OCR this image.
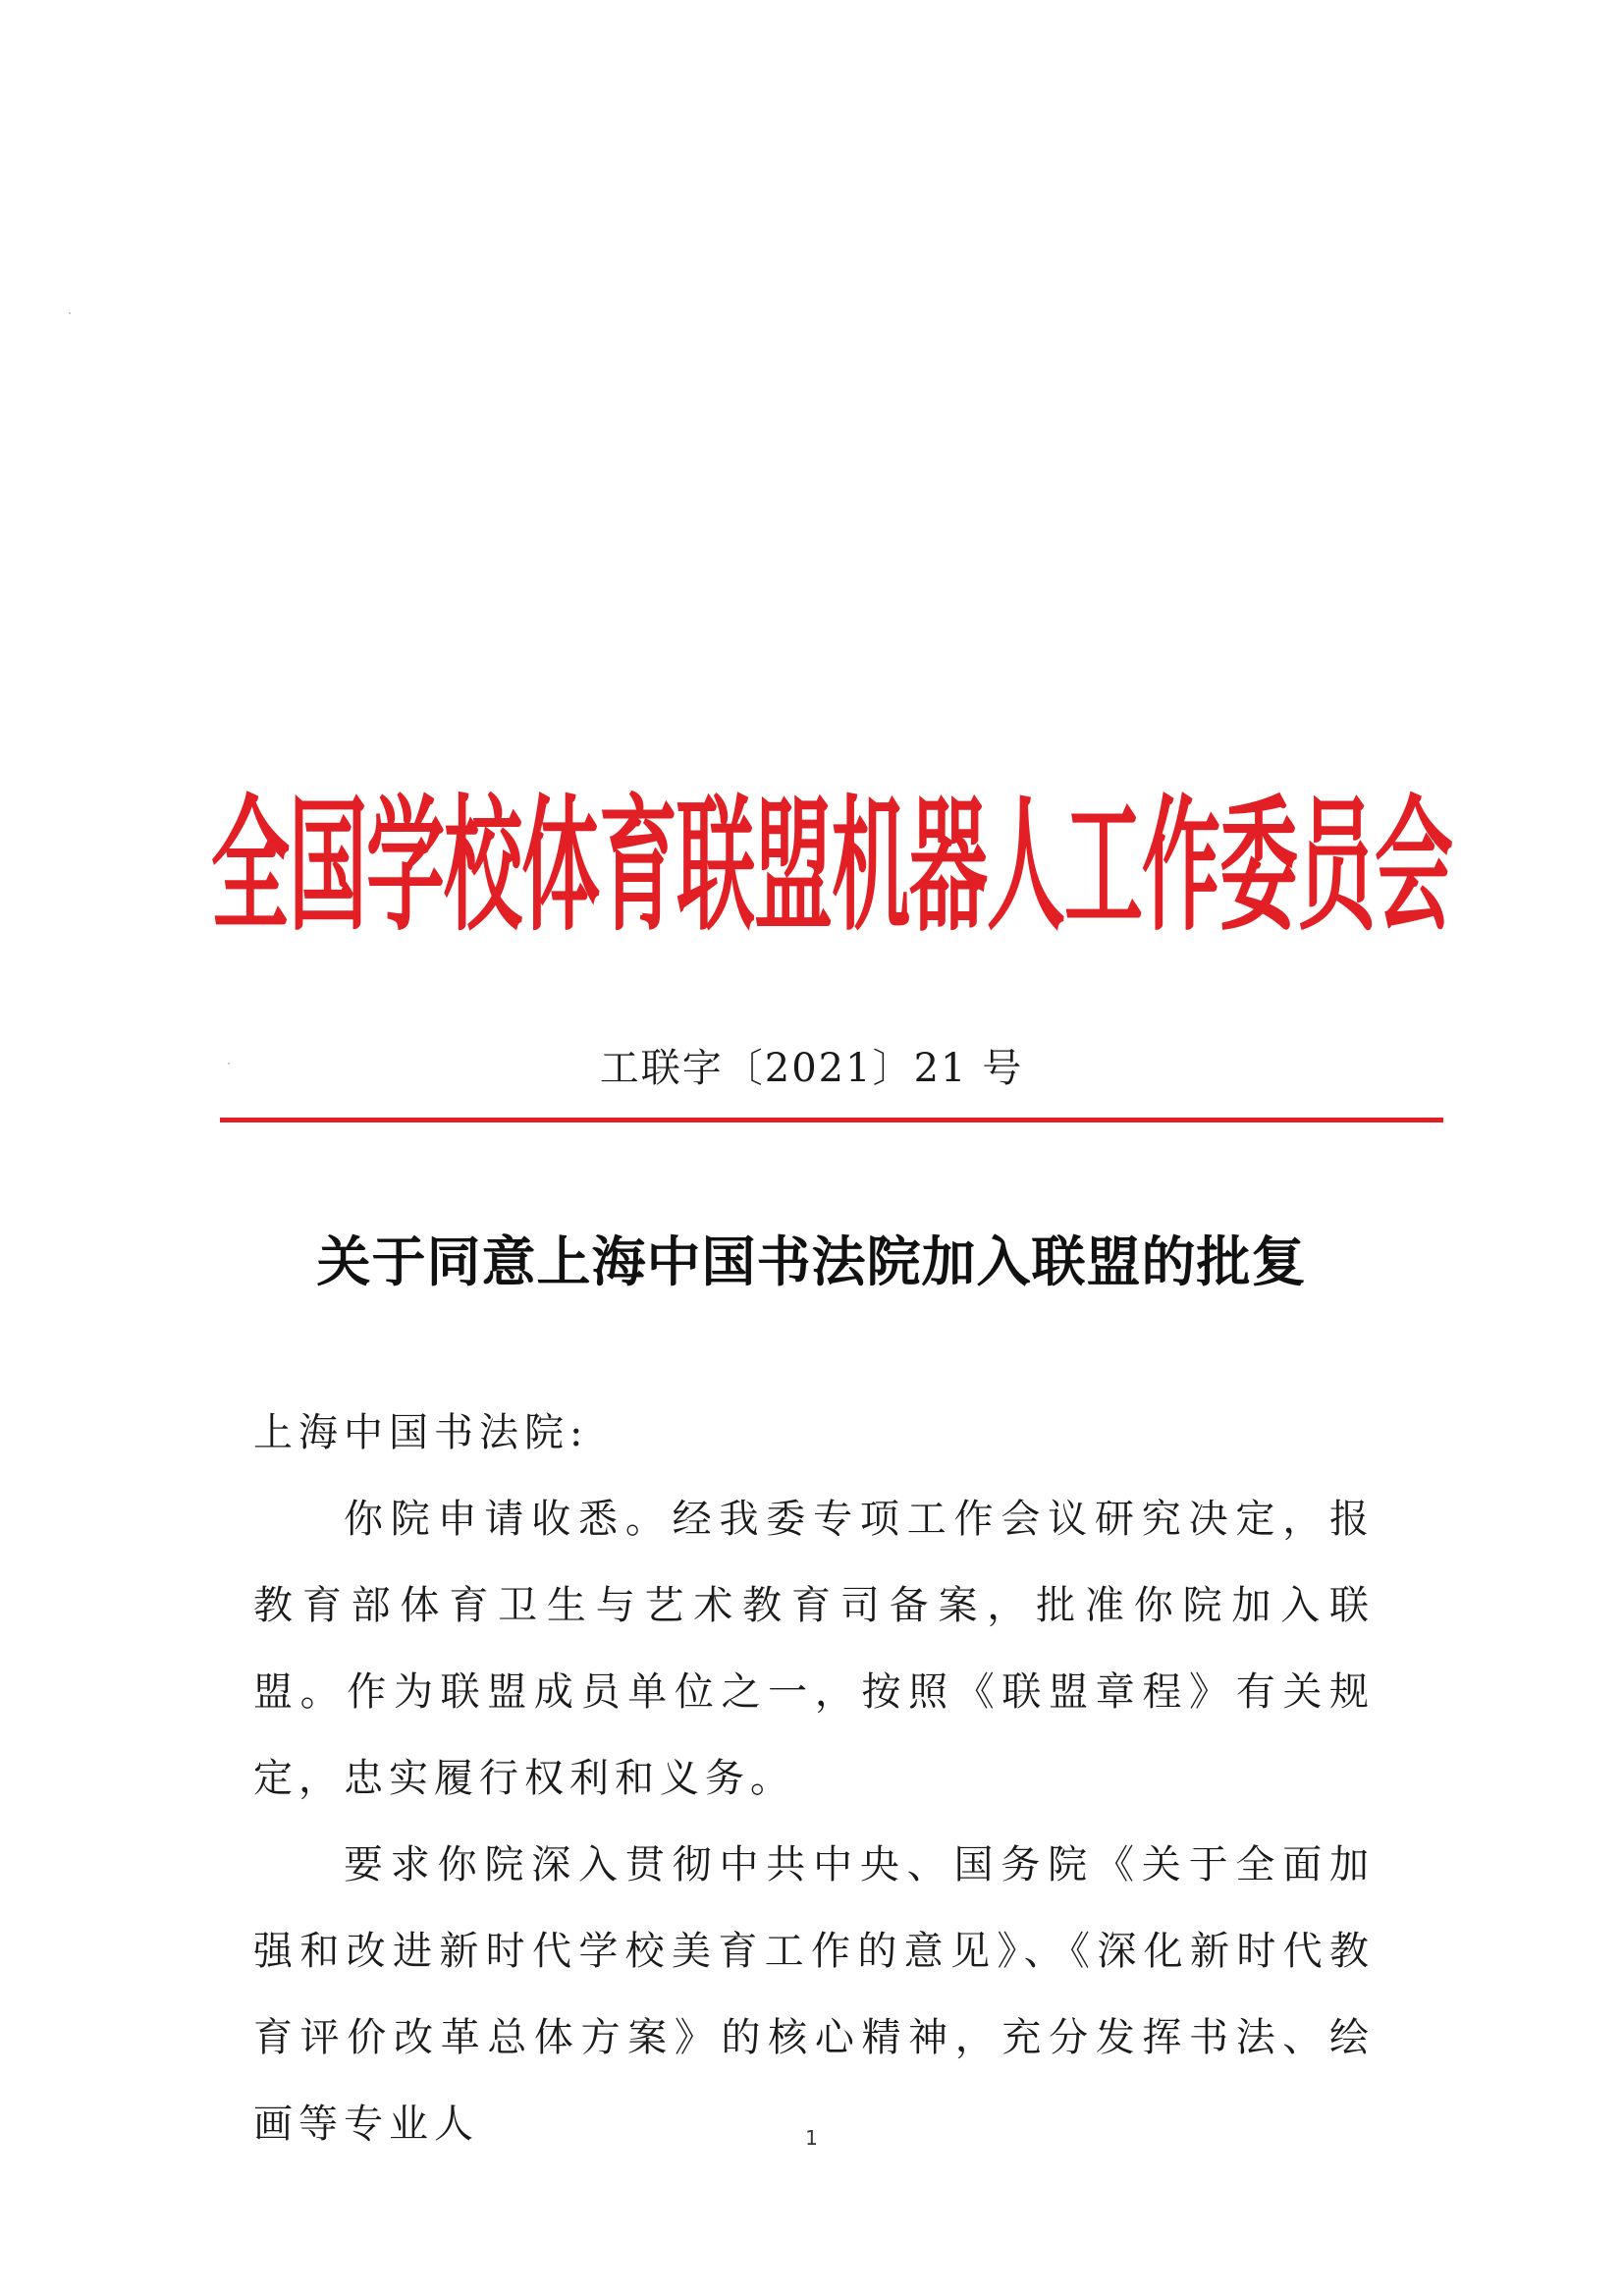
全国学校体育联盟机器人工作委员会
工联字〔2021〕21 号
关于同意上海中国书法院加入联盟的批复
上海中国书法院:
你院申请收悉。经我委专项工作会议研究决定，报教育部体育卫生与艺术教育司备案，批准你院加入联盟。作为联盟成员单位之一，按照《联盟章程》有关规定，忠实履行权利和义务。
要求你院深入贯彻中共中央、国务院《关于全面加强和改进新时代学校美育工作的意见》、《深化新时代教育评价改革总体方案》的核心精神，充分发挥书法、绘画等专业人	1
